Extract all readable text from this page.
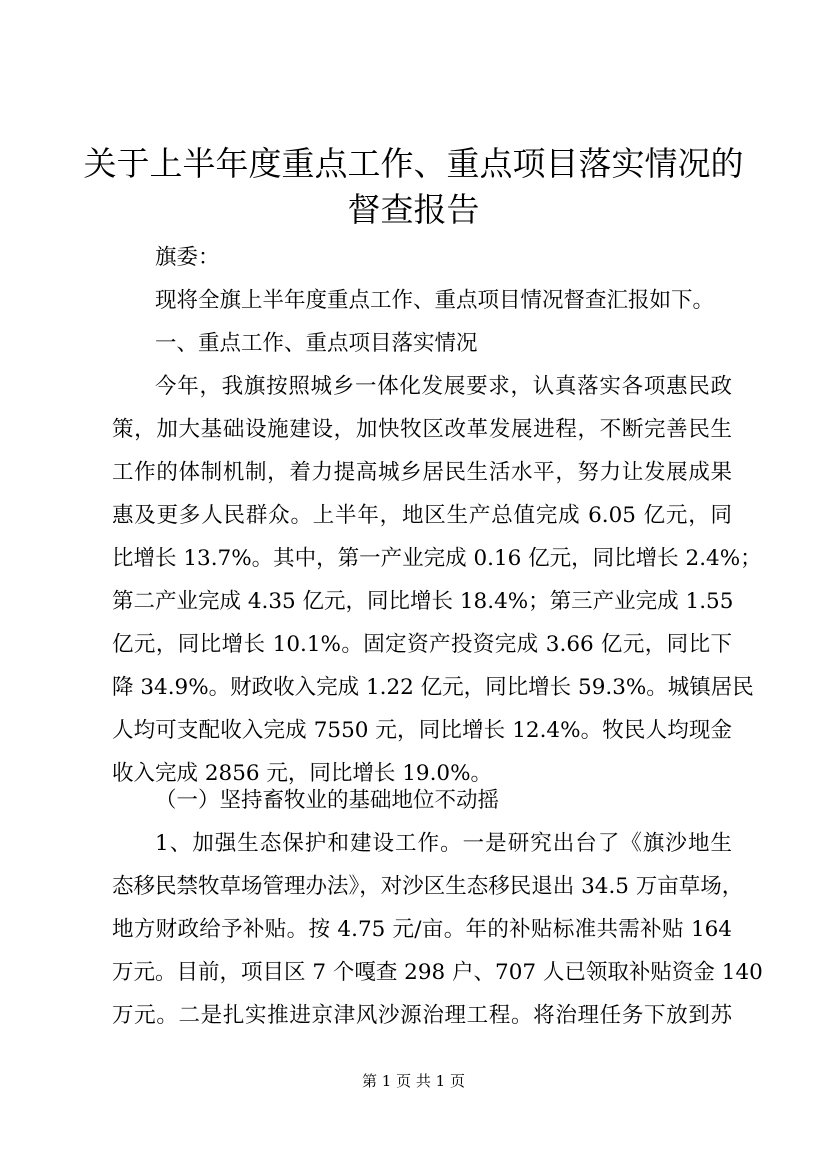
关于上半年度重点工作、重点项目落实情况的
督查报告

旗委：

现将全旗上半年度重点工作、重点项目情况督查汇报如下。

一、重点工作、重点项目落实情况

今年，我旗按照城乡一体化发展要求，认真落实各项惠民政
策，加大基础设施建设，加快牧区改革发展进程，不断完善民生
工作的体制机制，着力提高城乡居民生活水平，努力让发展成果
惠及更多人民群众。上半年，地区生产总值完成 6.05 亿元，同
比增长 13.7%。其中，第一产业完成 0.16 亿元，同比增长 2.4%；
第二产业完成 4.35 亿元，同比增长 18.4%；第三产业完成 1.55
亿元，同比增长 10.1%。固定资产投资完成 3.66 亿元，同比下
降 34.9%。财政收入完成 1.22 亿元，同比增长 59.3%。城镇居民
人均可支配收入完成 7550 元，同比增长 12.4%。牧民人均现金
收入完成 2856 元，同比增长 19.0%。

（一）坚持畜牧业的基础地位不动摇

1、加强生态保护和建设工作。一是研究出台了《旗沙地生
态移民禁牧草场管理办法》，对沙区生态移民退出 34.5 万亩草场，
地方财政给予补贴。按 4.75 元/亩。年的补贴标准共需补贴 164
万元。目前，项目区 7 个嘎查 298 户、707 人已领取补贴资金 140
万元。二是扎实推进京津风沙源治理工程。将治理任务下放到苏
第 1 页 共 1 页
